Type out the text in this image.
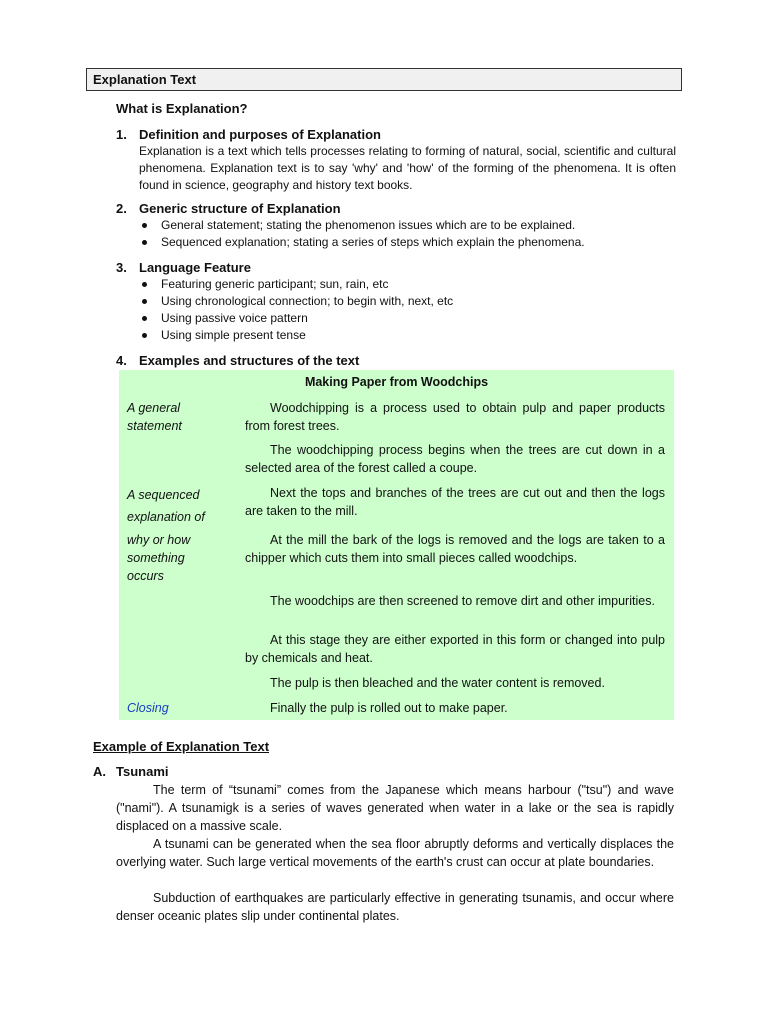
Explanation Text
What is Explanation?
1. Definition and purposes of Explanation
Explanation is a text which tells processes relating to forming of natural, social, scientific and cultural phenomena. Explanation text is to say 'why' and 'how' of the forming of the phenomena. It is often found in science, geography and history text books.
2. Generic structure of Explanation
General statement; stating the phenomenon issues which are to be explained.
Sequenced explanation; stating a series of steps which explain the phenomena.
3. Language Feature
Featuring generic participant; sun, rain, etc
Using chronological connection; to begin with, next, etc
Using passive voice pattern
Using simple present tense
4. Examples and structures of the text
Making Paper from Woodchips
A general
statement
A sequenced
explanation of
why or how
something
occurs
Closing
Woodchipping is a process used to obtain pulp and paper products from forest trees.
The woodchipping process begins when the trees are cut down in a selected area of the forest called a coupe.
Next the tops and branches of the trees are cut out and then the logs are taken to the mill.
At the mill the bark of the logs is removed and the logs are taken to a chipper which cuts them into small pieces called woodchips.
The woodchips are then screened to remove dirt and other impurities.
At this stage they are either exported in this form or changed into pulp by chemicals and heat.
The pulp is then bleached and the water content is removed.
Finally the pulp is rolled out to make paper.
Example of Explanation Text
A. Tsunami
The term of “tsunami” comes from the Japanese which means harbour ("tsu") and wave ("nami"). A tsunamigk is a series of waves generated when water in a lake or the sea is rapidly displaced on a massive scale.
A tsunami can be generated when the sea floor abruptly deforms and vertically displaces the overlying water. Such large vertical movements of the earth's crust can occur at plate boundaries.
Subduction of earthquakes are particularly effective in generating tsunamis, and occur where denser oceanic plates slip under continental plates.
